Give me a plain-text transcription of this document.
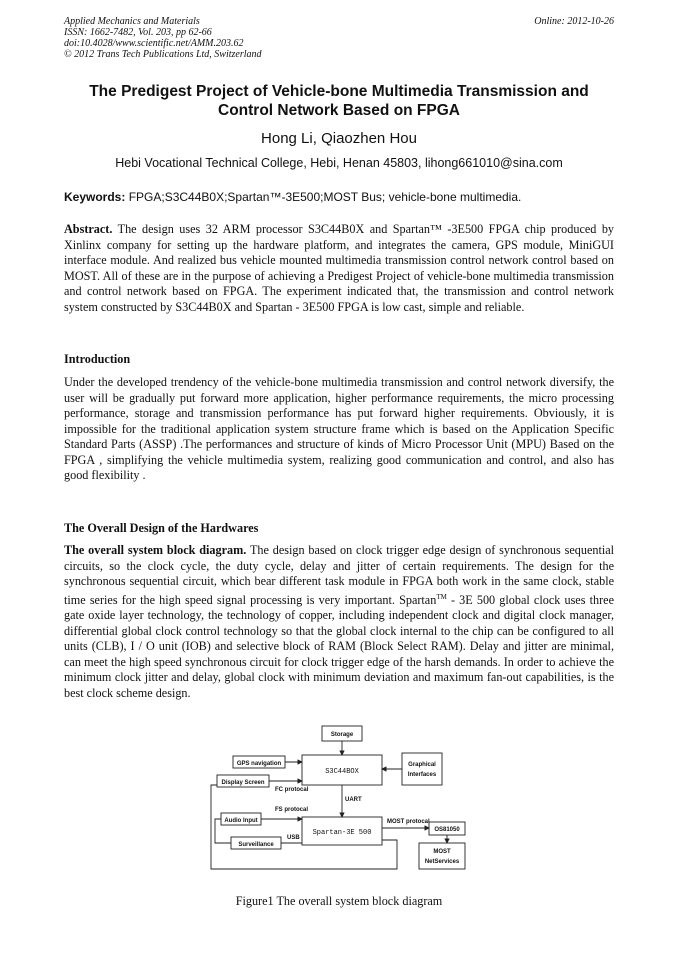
Applied Mechanics and Materials
ISSN: 1662-7482, Vol. 203, pp 62-66
doi:10.4028/www.scientific.net/AMM.203.62
© 2012 Trans Tech Publications Ltd, Switzerland
Online: 2012-10-26
The Predigest Project of Vehicle-bone Multimedia Transmission and Control Network Based on FPGA
Hong Li, Qiaozhen Hou
Hebi Vocational Technical College, Hebi, Henan 45803, lihong661010@sina.com
Keywords: FPGA;S3C44B0X;Spartan™-3E500;MOST Bus; vehicle-bone multimedia.
Abstract. The design uses 32 ARM processor S3C44B0X and Spartan™ -3E500 FPGA chip produced by Xinlinx company for setting up the hardware platform, and integrates the camera, GPS module, MiniGUI interface module. And realized bus vehicle mounted multimedia transmission control network control based on MOST. All of these are in the purpose of achieving a Predigest Project of vehicle-bone multimedia transmission and control network based on FPGA. The experiment indicated that, the transmission and control network system constructed by S3C44B0X and Spartan - 3E500 FPGA is low cast, simple and reliable.
Introduction
Under the developed trendency of the vehicle-bone multimedia transmission and control network diversify, the user will be gradually put forward more application, higher performance requirements, the micro processing performance, storage and transmission performance has put forward higher requirements. Obviously, it is impossible for the traditional application system structure frame which is based on the Application Specific Standard Parts (ASSP) .The performances and structure of kinds of Micro Processor Unit (MPU) Based on the FPGA , simplifying the vehicle multimedia system, realizing good communication and control, and also has good flexibility .
The Overall Design of the Hardwares
The overall system block diagram. The design based on clock trigger edge design of synchronous sequential circuits, so the clock cycle, the duty cycle, delay and jitter of certain requirements. The design for the synchronous sequential circuit, which bear different task module in FPGA both work in the same clock, stable time series for the high speed signal processing is very important. Spartan™ - 3E 500 global clock uses three gate oxide layer technology, the technology of copper, including independent clock and digital clock manager, differential global clock control technology so that the global clock internal to the chip can be configured to all units (CLB), I / O unit (IOB) and selective block of RAM (Block Select RAM). Delay and jitter are minimal, can meet the high speed synchronous circuit for clock trigger edge of the harsh demands. In order to achieve the minimum clock jitter and delay, global clock with minimum deviation and maximum fan-out capabilities, is the best clock scheme design.
Storage
GPS navigation
Display Screen
Graphical
Interfaces
Audio Input
Surveillance
OS81050
MOST
NetServices
FC protocal
UART
FS protocal
USB
MOST protocal
S3C44BOX
Spartan-3E 500
Figure1 The overall system block diagram
